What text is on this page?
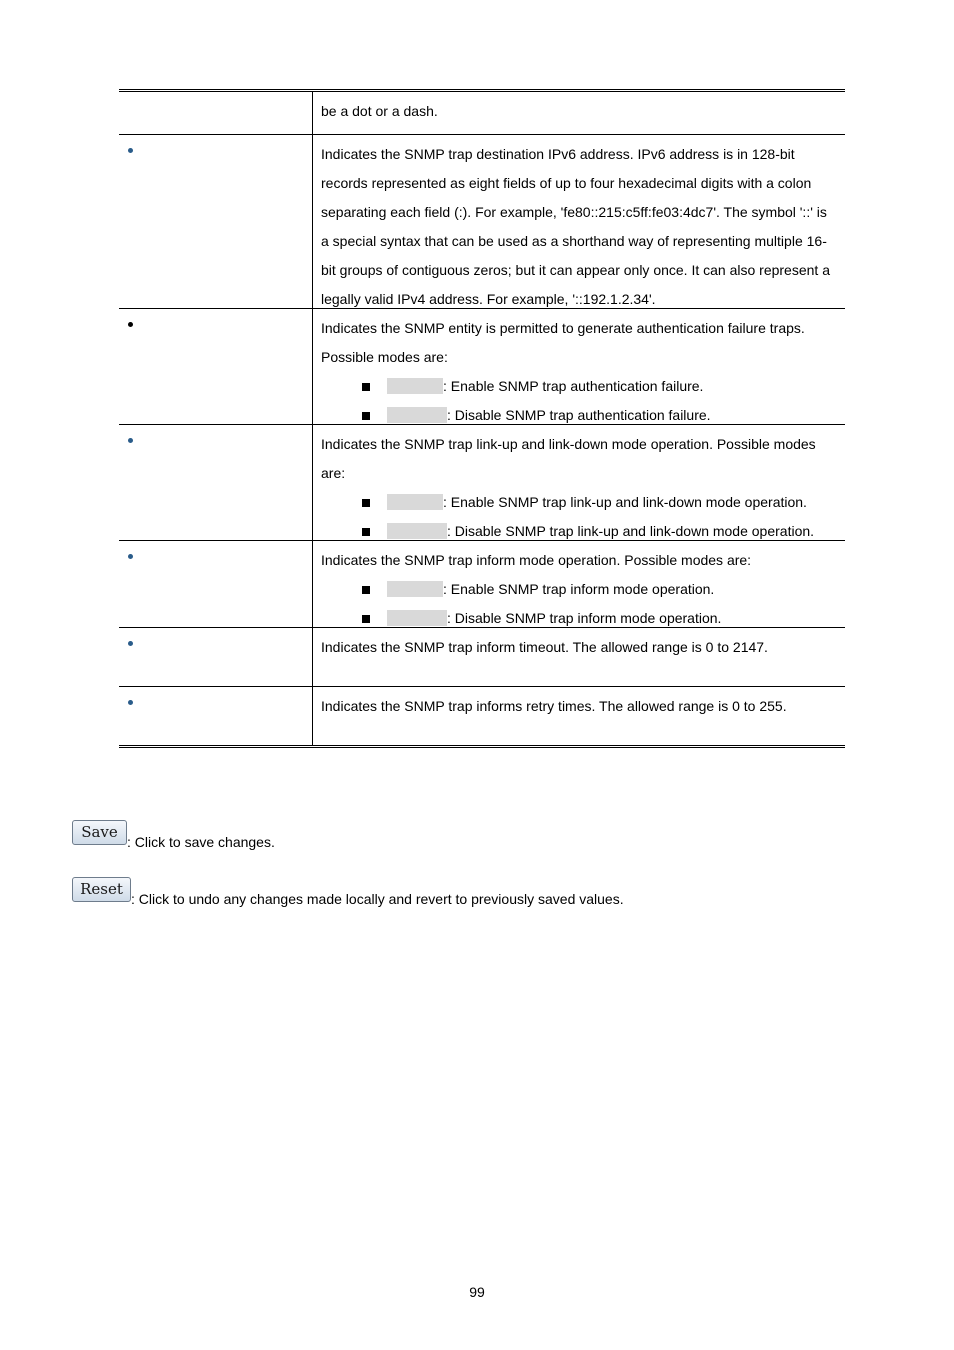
be a dot or a dash.
Indicates the SNMP trap destination IPv6 address. IPv6 address is in 128-bit records represented as eight fields of up to four hexadecimal digits with a colon separating each field (:). For example, 'fe80::215:c5ff:fe03:4dc7'. The symbol '::' is a special syntax that can be used as a shorthand way of representing multiple 16-bit groups of contiguous zeros; but it can appear only once. It can also represent a legally valid IPv4 address. For example, '::192.1.2.34'.
Indicates the SNMP entity is permitted to generate authentication failure traps. Possible modes are:
: Enable SNMP trap authentication failure.
: Disable SNMP trap authentication failure.
Indicates the SNMP trap link-up and link-down mode operation. Possible modes are:
: Enable SNMP trap link-up and link-down mode operation.
: Disable SNMP trap link-up and link-down mode operation.
Indicates the SNMP trap inform mode operation. Possible modes are:
: Enable SNMP trap inform mode operation.
: Disable SNMP trap inform mode operation.
Indicates the SNMP trap inform timeout. The allowed range is 0 to 2147.
Indicates the SNMP trap informs retry times. The allowed range is 0 to 255.
Save
: Click to save changes.
Reset
: Click to undo any changes made locally and revert to previously saved values.
99
